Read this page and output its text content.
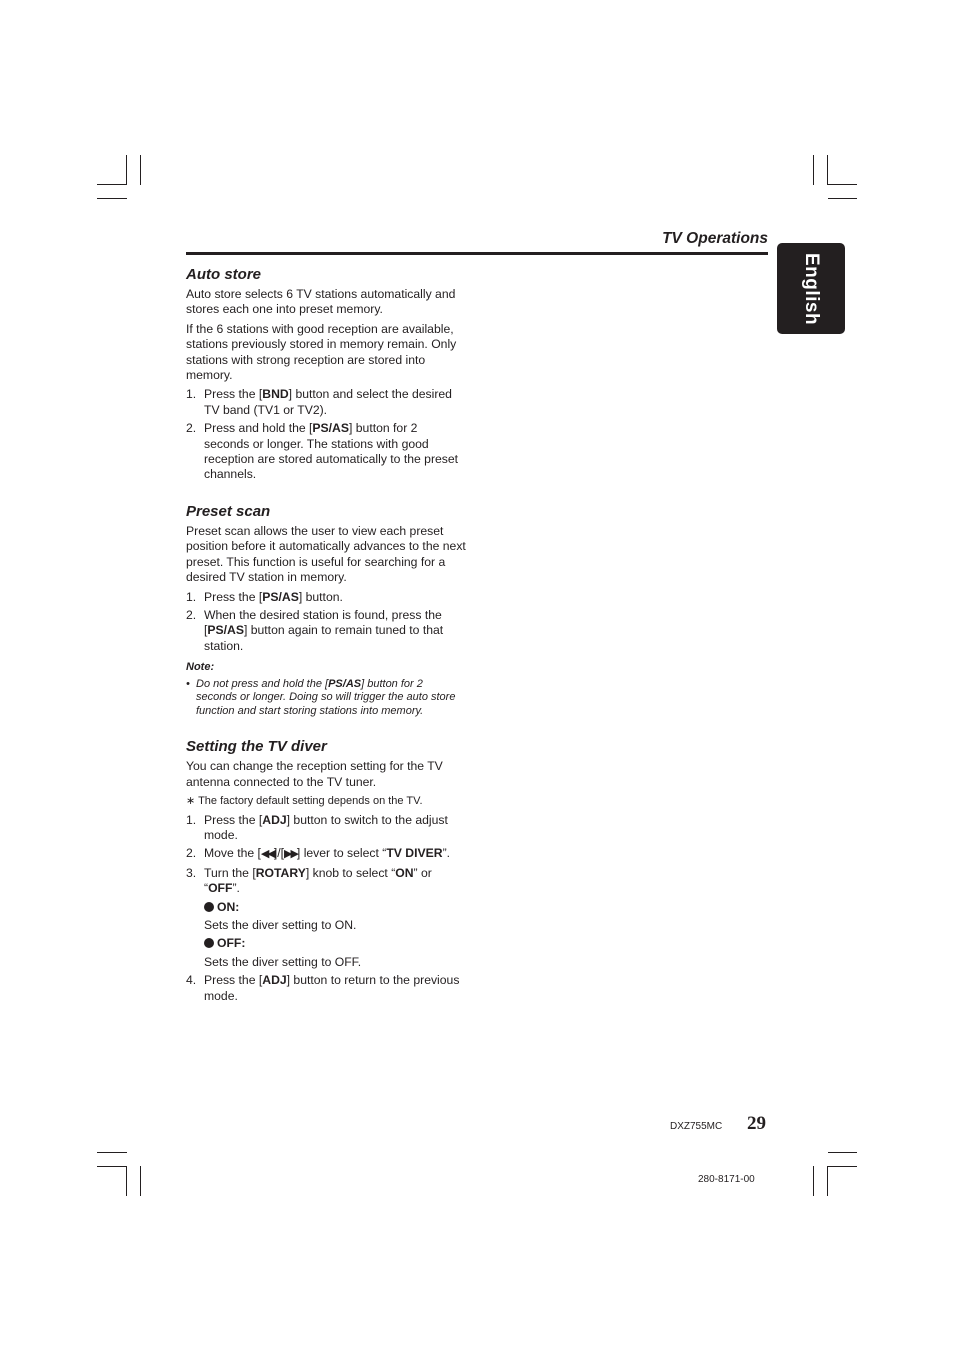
TV Operations
English
Auto store

Auto store selects 6 TV stations automatically and stores each one into preset memory.

If the 6 stations with good reception are available, stations previously stored in memory remain. Only stations with strong reception are stored into memory.

1. Press the [BND] button and select the desired TV band (TV1 or TV2).
2. Press and hold the [PS/AS] button for 2 seconds or longer. The stations with good reception are stored automatically to the preset channels.
Preset scan

Preset scan allows the user to view each preset position before it automatically advances to the next preset. This function is useful for searching for a desired TV station in memory.

1. Press the [PS/AS] button.
2. When the desired station is found, press the [PS/AS] button again to remain tuned to that station.
Note:
• Do not press and hold the [PS/AS] button for 2 seconds or longer. Doing so will trigger the auto store function and start storing stations into memory.
Setting the TV diver

You can change the reception setting for the TV antenna connected to the TV tuner.

∗ The factory default setting depends on the TV.

1. Press the [ADJ] button to switch to the adjust mode.
2. Move the [◀◀]/[▶▶] lever to select “TV DIVER”.
3. Turn the [ROTARY] knob to select “ON” or “OFF”.
ON:
Sets the diver setting to ON.
OFF:
Sets the diver setting to OFF.
4. Press the [ADJ] button to return to the previous mode.
DXZ755MC 29
280-8171-00
